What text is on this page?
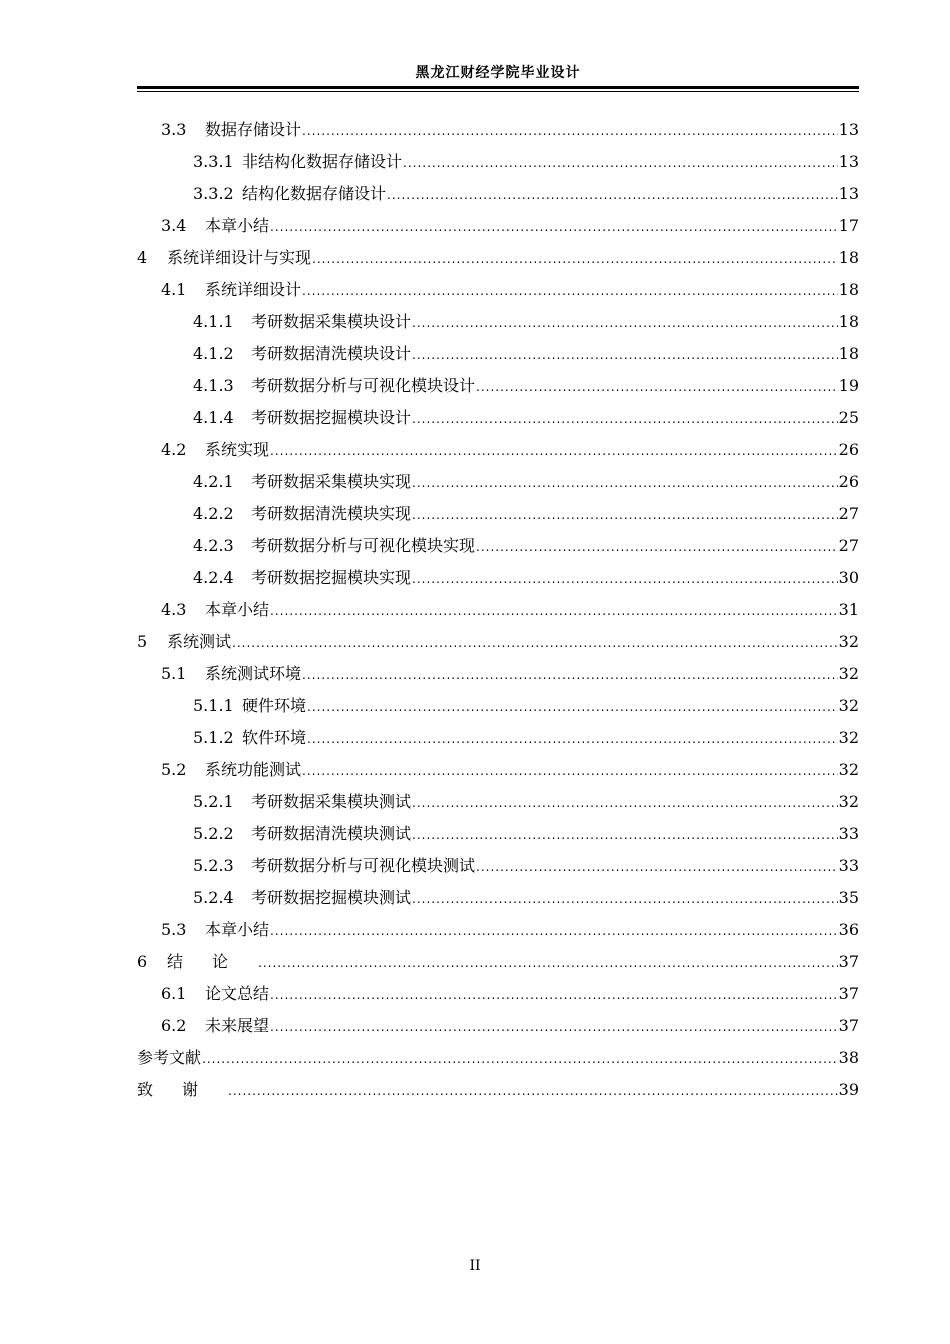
黑龙江财经学院毕业设计
3.3	数据存储设计 .....	13
3.3.1 非结构化数据存储设计 .....	13
3.3.2 结构化数据存储设计 .....	13
3.4	本章小结 .....	17
4	系统详细设计与实现 .....	18
4.1	系统详细设计 .....	18
4.1.1	考研数据采集模块设计 .....	18
4.1.2	考研数据清洗模块设计 .....	18
4.1.3	考研数据分析与可视化模块设计 .....	19
4.1.4	考研数据挖掘模块设计 .....	25
4.2	系统实现 .....	26
4.2.1	考研数据采集模块实现 .....	26
4.2.2	考研数据清洗模块实现 .....	27
4.2.3	考研数据分析与可视化模块实现 .....	27
4.2.4	考研数据挖掘模块实现 .....	30
4.3	本章小结 .....	31
5	系统测试 .....	32
5.1	系统测试环境 .....	32
5.1.1 硬件环境 .....	32
5.1.2 软件环境 .....	32
5.2	系统功能测试 .....	32
5.2.1	考研数据采集模块测试 .....	32
5.2.2	考研数据清洗模块测试 .....	33
5.2.3	考研数据分析与可视化模块测试 .....	33
5.2.4	考研数据挖掘模块测试 .....	35
5.3	本章小结 .....	36
6	结论 .....	37
6.1	论文总结 .....	37
6.2	未来展望 .....	37
参考文献 .....	38
致谢 .....	39
II
